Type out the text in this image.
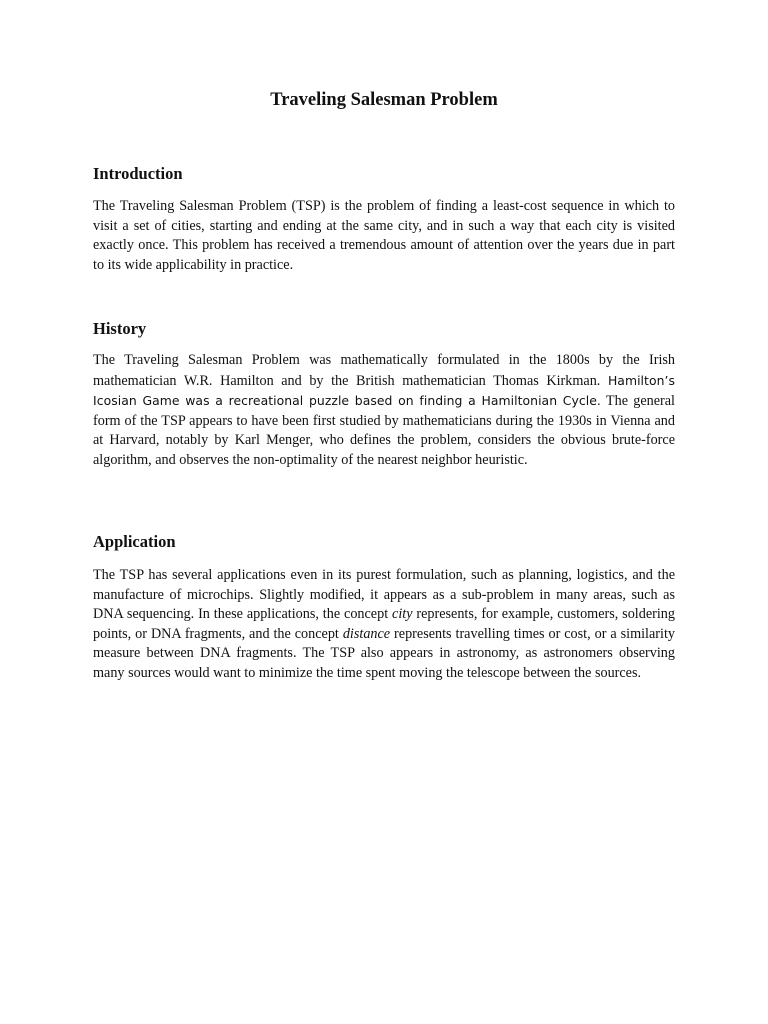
Traveling Salesman Problem
Introduction

The Traveling Salesman Problem (TSP) is the problem of finding a least-cost sequence in which to visit a set of cities, starting and ending at the same city, and in such a way that each city is visited exactly once. This problem has received a tremendous amount of attention over the years due in part to its wide applicability in practice.

History

The Traveling Salesman Problem was mathematically formulated in the 1800s by the Irish mathematician W.R. Hamilton and by the British mathematician Thomas Kirkman. Hamilton’s Icosian Game was a recreational puzzle based on finding a Hamiltonian Cycle. The general form of the TSP appears to have been first studied by mathematicians during the 1930s in Vienna and at Harvard, notably by Karl Menger, who defines the problem, considers the obvious brute-force algorithm, and observes the non-optimality of the nearest neighbor heuristic.

Application

The TSP has several applications even in its purest formulation, such as planning, logistics, and the manufacture of microchips. Slightly modified, it appears as a sub-problem in many areas, such as DNA sequencing. In these applications, the concept city represents, for example, customers, soldering points, or DNA fragments, and the concept distance represents travelling times or cost, or a similarity measure between DNA fragments. The TSP also appears in astronomy, as astronomers observing many sources would want to minimize the time spent moving the telescope between the sources.
